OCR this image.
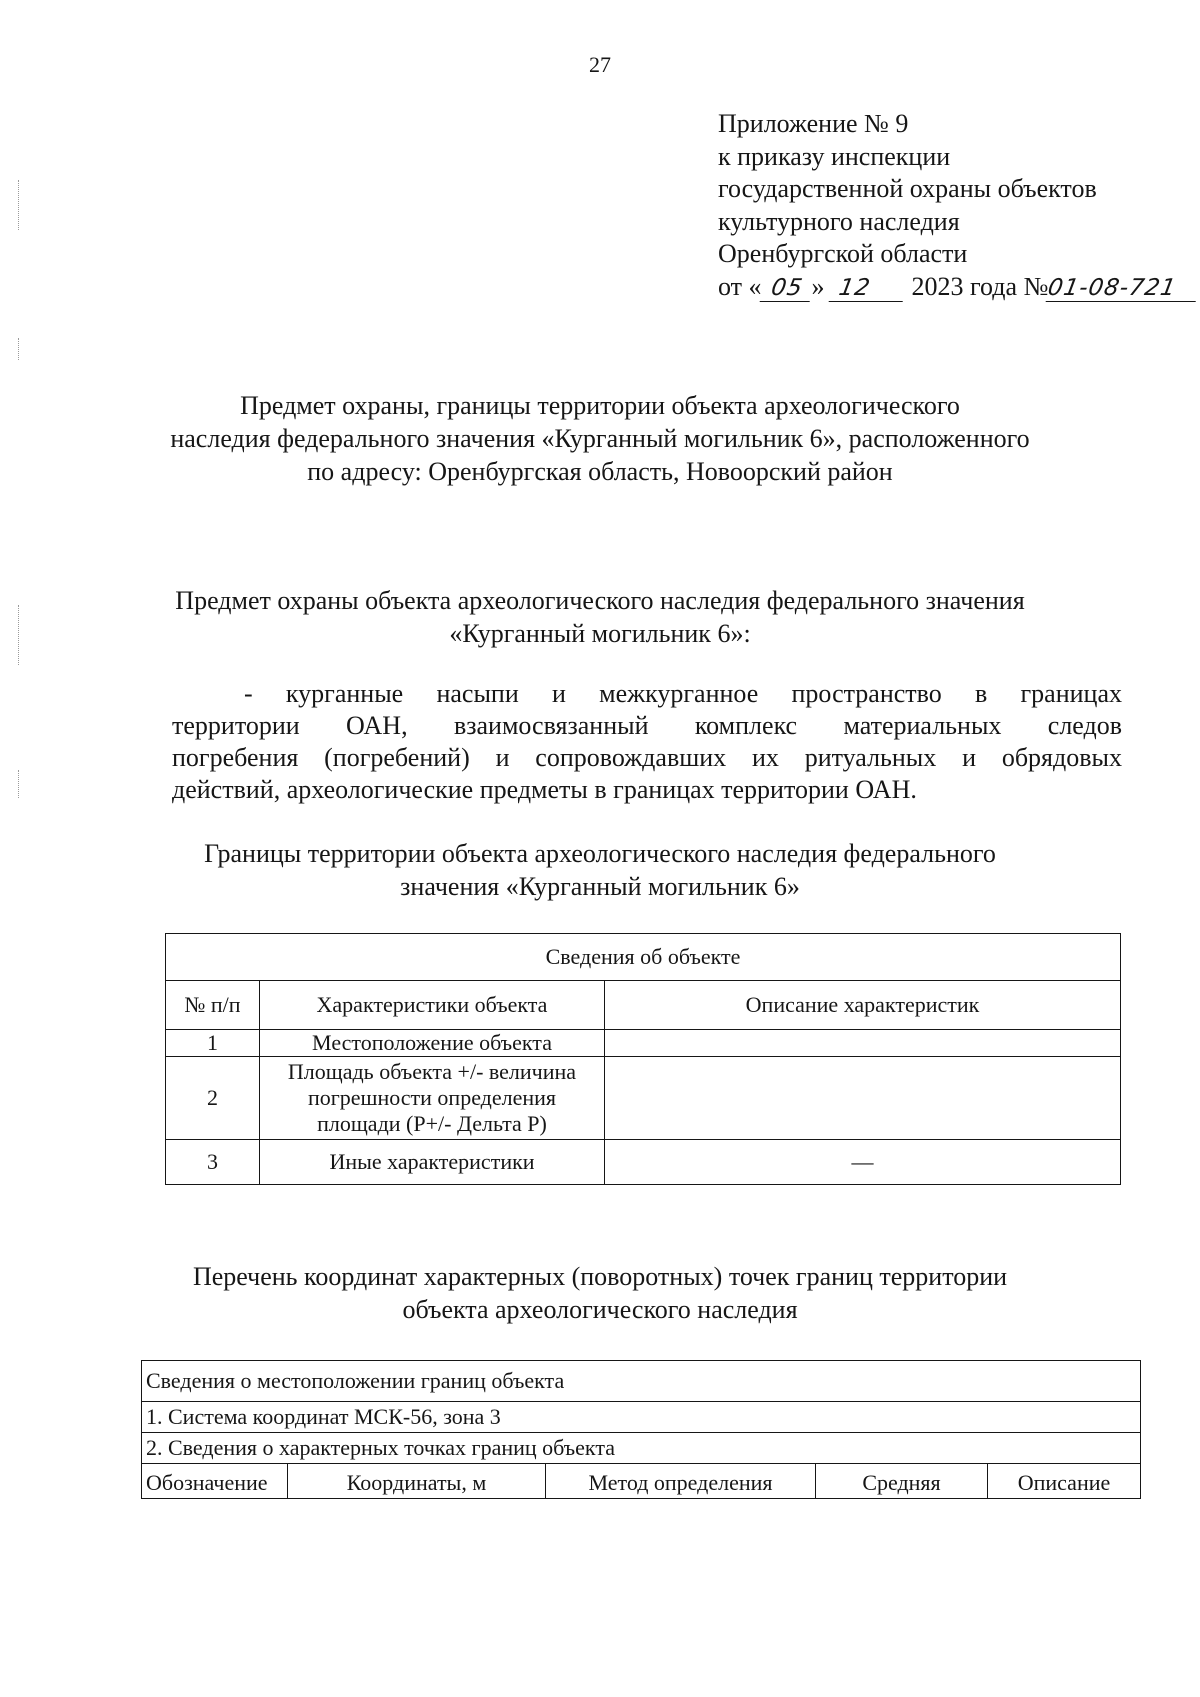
27
Приложение № 9
к приказу инспекции
государственной охраны объектов
культурного наследия
Оренбургской области
от « 05 » 12 2023 года №01-08-721
Предмет охраны, границы территории объекта археологического
наследия федерального значения «Курганный могильник 6», расположенного
по адресу: Оренбургская область, Новоорский район
Предмет охраны объекта археологического наследия федерального значения
«Курганный могильник 6»:
- курганные насыпи и межкурганное пространство в границах
территории ОАН, взаимосвязанный комплекс материальных следов
погребения (погребений) и сопровождавших их ритуальных и обрядовых
действий, археологические предметы в границах территории ОАН.
Границы территории объекта археологического наследия федерального
значения «Курганный могильник 6»
Сведения об объекте		
№ п/п	Характеристики объекта	Описание характеристик
1	Местоположение объекта	
2	Площадь объекта +/- величина
погрешности определения
площади (Р+/- Дельта Р)	

3	Иные характеристики	—
Перечень координат характерных (поворотных) точек границ территории
объекта археологического наследия
Сведения о местоположении границ объекта
1. Система координат МСК-56, зона 3
2. Сведения о характерных точках границ объекта
Обозначение	Координаты, м	Метод определения	Средняя	Описание
